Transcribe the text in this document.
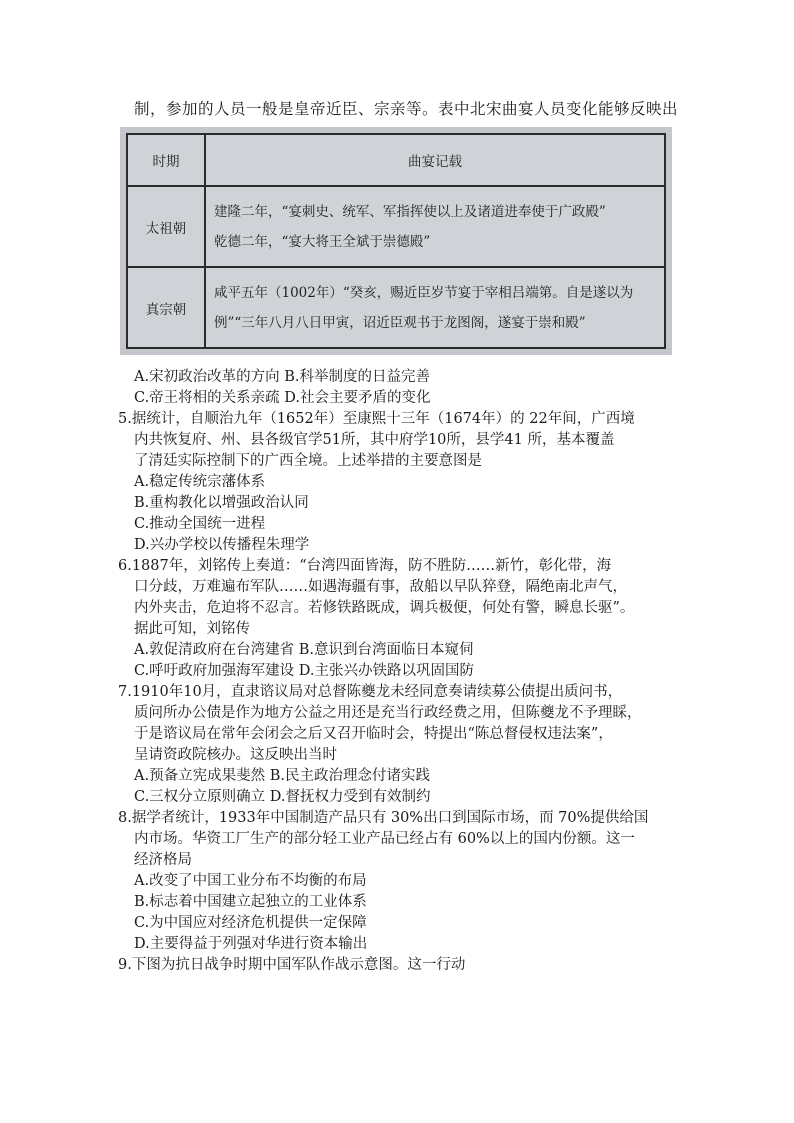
制，参加的人员一般是皇帝近臣、宗亲等。表中北宋曲宴人员变化能够反映出
时期	曲宴记载
太祖朝	建隆二年，“宴刺史、统军、军指挥使以上及诸道进奉使于广政殿”
乾德二年，“宴大将王全斌于崇德殿”

真宗朝	咸平五年（1002年）“癸亥，赐近臣岁节宴于宰相吕端第。自是遂以为
例”“三年八月八日甲寅，诏近臣观书于龙图阁，遂宴于崇和殿”
A.宋初政治改革的方向 B.科举制度的日益完善
C.帝王将相的关系亲疏 D.社会主要矛盾的变化
5.据统计，自顺治九年（1652年）至康熙十三年（1674年）的 22年间，广西境
内共恢复府、州、县各级官学51所，其中府学10所，县学41 所，基本覆盖
了清廷实际控制下的广西全境。上述举措的主要意图是
A.稳定传统宗藩体系
B.重构教化以增强政治认同
C.推动全国统一进程
D.兴办学校以传播程朱理学
6.1887年，刘铭传上奏道：“台湾四面皆海，防不胜防……新竹，彰化带，海
口分歧，万难遍布军队……如遇海疆有事，敌船以早队猝登，隔绝南北声气，
内外夹击，危迫将不忍言。若修铁路既成，调兵极便，何处有警，瞬息长驱”。
据此可知，刘铭传
A.敦促清政府在台湾建省 B.意识到台湾面临日本窥伺
C.呼吁政府加强海军建设 D.主张兴办铁路以巩固国防
7.1910年10月，直隶谘议局对总督陈夔龙未经同意奏请续募公债提出质问书，
质问所办公债是作为地方公益之用还是充当行政经费之用，但陈夔龙不予理睬，
于是谘议局在常年会闭会之后又召开临时会，特提出“陈总督侵权违法案”，
呈请资政院核办。这反映出当时
A.预备立宪成果斐然 B.民主政治理念付诸实践
C.三权分立原则确立 D.督抚权力受到有效制约
8.据学者统计，1933年中国制造产品只有 30%出口到国际市场，而 70%提供给国
内市场。华资工厂生产的部分轻工业产品已经占有 60%以上的国内份额。这一
经济格局
A.改变了中国工业分布不均衡的布局
B.标志着中国建立起独立的工业体系
C.为中国应对经济危机提供一定保障
D.主要得益于列强对华进行资本输出
9.下图为抗日战争时期中国军队作战示意图。这一行动
